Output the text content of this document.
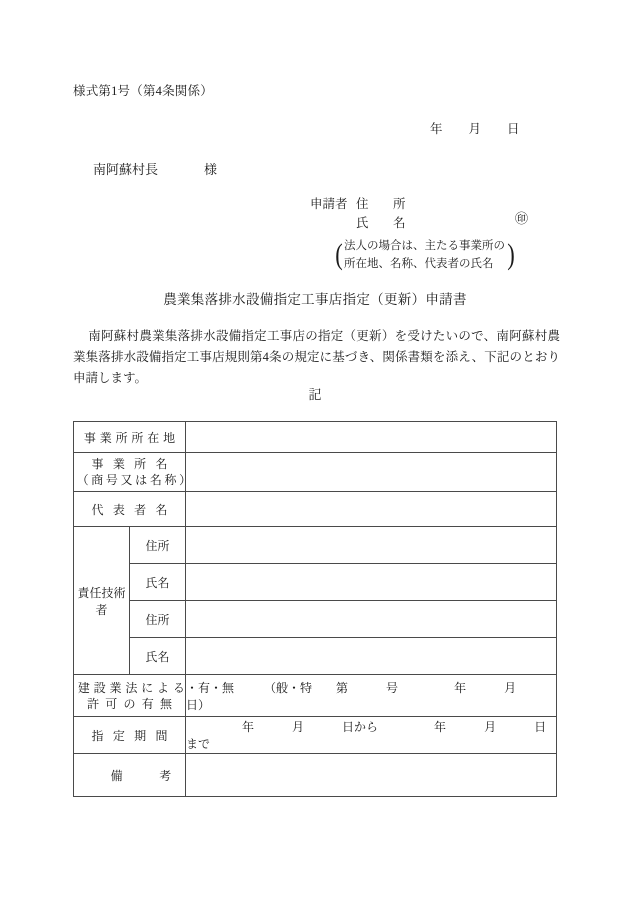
様式第1号（第4条関係）
年 月 日
南阿蘇村長	様
申請者 住　所
氏　名	㊞
( 法人の場合は、主たる事業所の
所在地、名称、代表者の氏名 )
農業集落排水設備指定工事店指定（更新）申請書
南阿蘇村農業集落排水設備指定工事店の指定（更新）を受けたいので、南阿蘇村農業集落排水設備指定工事店規則第4条の規定に基づき、関係書類を添え、下記のとおり申請します。
記
事業所所在地		

事業所名
（商号又は名称）		

代表者名		

責任技術者	住所	
	氏名	
	住所	
	氏名	

建設業法による
許可の有無		・有・無 （般・特 第 号 年 月日）

指定期間		年 月 日から 年 月 日まで

備考		
